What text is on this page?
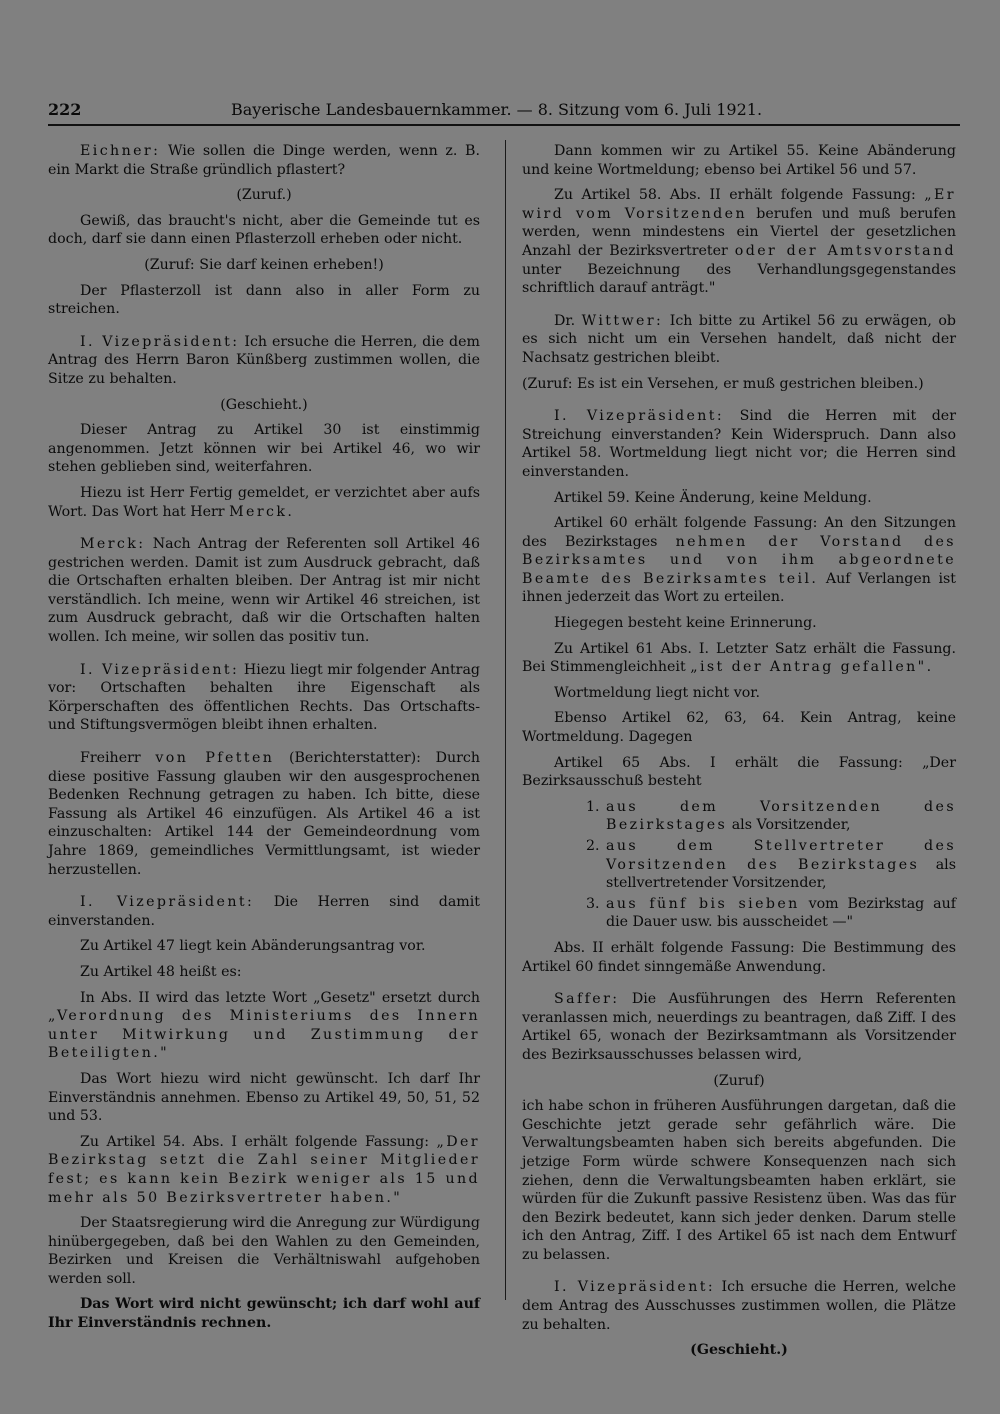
222	Bayerische Landesbauernkammer. — 8. Sitzung vom 6. Juli 1921.

Eichner: Wie sollen die Dinge werden, wenn z. B. ein Markt die Straße gründlich pflastert?

(Zuruf.)

Gewiß, das braucht's nicht, aber die Gemeinde tut es doch, darf sie dann einen Pflasterzoll erheben oder nicht.

(Zuruf: Sie darf keinen erheben!)

Der Pflasterzoll ist dann also in aller Form zu streichen.

I. Vizepräsident: Ich ersuche die Herren, die dem Antrag des Herrn Baron Künßberg zustimmen wollen, die Sitze zu behalten.

(Geschieht.)

Dieser Antrag zu Artikel 30 ist einstimmig angenommen. Jetzt können wir bei Artikel 46, wo wir stehen geblieben sind, weiterfahren.

Hiezu ist Herr Fertig gemeldet, er verzichtet aber aufs Wort. Das Wort hat Herr Merck.

Merck: Nach Antrag der Referenten soll Artikel 46 gestrichen werden. Damit ist zum Ausdruck gebracht, daß die Ortschaften erhalten bleiben. Der Antrag ist mir nicht verständlich. Ich meine, wenn wir Artikel 46 streichen, ist zum Ausdruck gebracht, daß wir die Ortschaften halten wollen. Ich meine, wir sollen das positiv tun.

I. Vizepräsident: Hiezu liegt mir folgender Antrag vor: Ortschaften behalten ihre Eigenschaft als Körperschaften des öffentlichen Rechts. Das Ortschafts- und Stiftungsvermögen bleibt ihnen erhalten.

Freiherr von Pfetten (Berichterstatter): Durch diese positive Fassung glauben wir den ausgesprochenen Bedenken Rechnung getragen zu haben. Ich bitte, diese Fassung als Artikel 46 einzufügen. Als Artikel 46 a ist einzuschalten: Artikel 144 der Gemeindeordnung vom Jahre 1869, gemeindliches Vermittlungsamt, ist wieder herzustellen.

I. Vizepräsident: Die Herren sind damit einverstanden.

Zu Artikel 47 liegt kein Abänderungsantrag vor.

Zu Artikel 48 heißt es:

In Abs. II wird das letzte Wort „Gesetz" ersetzt durch „Verordnung des Ministeriums des Innern unter Mitwirkung und Zustimmung der Beteiligten."

Das Wort hiezu wird nicht gewünscht. Ich darf Ihr Einverständnis annehmen. Ebenso zu Artikel 49, 50, 51, 52 und 53.

Zu Artikel 54. Abs. I erhält folgende Fassung: „Der Bezirkstag setzt die Zahl seiner Mitglieder fest; es kann kein Bezirk weniger als 15 und mehr als 50 Bezirksvertreter haben."

Der Staatsregierung wird die Anregung zur Würdigung hinübergegeben, daß bei den Wahlen zu den Gemeinden, Bezirken und Kreisen die Verhältniswahl aufgehoben werden soll.

Das Wort wird nicht gewünscht; ich darf wohl auf Ihr Einverständnis rechnen.

Dann kommen wir zu Artikel 55. Keine Abänderung und keine Wortmeldung; ebenso bei Artikel 56 und 57.

Zu Artikel 58. Abs. II erhält folgende Fassung: „Er wird vom Vorsitzenden berufen und muß berufen werden, wenn mindestens ein Viertel der gesetzlichen Anzahl der Bezirksvertreter oder der Amtsvorstand unter Bezeichnung des Verhandlungsgegenstandes schriftlich darauf anträgt."

Dr. Wittwer: Ich bitte zu Artikel 56 zu erwägen, ob es sich nicht um ein Versehen handelt, daß nicht der Nachsatz gestrichen bleibt.

(Zuruf: Es ist ein Versehen, er muß gestrichen bleiben.)

I. Vizepräsident: Sind die Herren mit der Streichung einverstanden? Kein Widerspruch. Dann also Artikel 58. Wortmeldung liegt nicht vor; die Herren sind einverstanden.

Artikel 59. Keine Änderung, keine Meldung.

Artikel 60 erhält folgende Fassung: An den Sitzungen des Bezirkstages nehmen der Vorstand des Bezirksamtes und von ihm abgeordnete Beamte des Bezirksamtes teil. Auf Verlangen ist ihnen jederzeit das Wort zu erteilen.

Hiegegen besteht keine Erinnerung.

Zu Artikel 61 Abs. I. Letzter Satz erhält die Fassung. Bei Stimmengleichheit „ist der Antrag gefallen".

Wortmeldung liegt nicht vor.

Ebenso Artikel 62, 63, 64. Kein Antrag, keine Wortmeldung. Dagegen

Artikel 65 Abs. I erhält die Fassung: „Der Bezirksausschuß besteht

1. aus dem Vorsitzenden des Bezirkstages als Vorsitzender,
2. aus dem Stellvertreter des Vorsitzenden des Bezirkstages als stellvertretender Vorsitzender,
3. aus fünf bis sieben vom Bezirkstag auf die Dauer usw. bis ausscheidet —"

Abs. II erhält folgende Fassung: Die Bestimmung des Artikel 60 findet sinngemäße Anwendung.

Saffer: Die Ausführungen des Herrn Referenten veranlassen mich, neuerdings zu beantragen, daß Ziff. I des Artikel 65, wonach der Bezirksamtmann als Vorsitzender des Bezirksausschusses belassen wird,

(Zuruf)

ich habe schon in früheren Ausführungen dargetan, daß die Geschichte jetzt gerade sehr gefährlich wäre. Die Verwaltungsbeamten haben sich bereits abgefunden. Die jetzige Form würde schwere Konsequenzen nach sich ziehen, denn die Verwaltungsbeamten haben erklärt, sie würden für die Zukunft passive Resistenz üben. Was das für den Bezirk bedeutet, kann sich jeder denken. Darum stelle ich den Antrag, Ziff. I des Artikel 65 ist nach dem Entwurf zu belassen.

I. Vizepräsident: Ich ersuche die Herren, welche dem Antrag des Ausschusses zustimmen wollen, die Plätze zu behalten.

(Geschieht.)
